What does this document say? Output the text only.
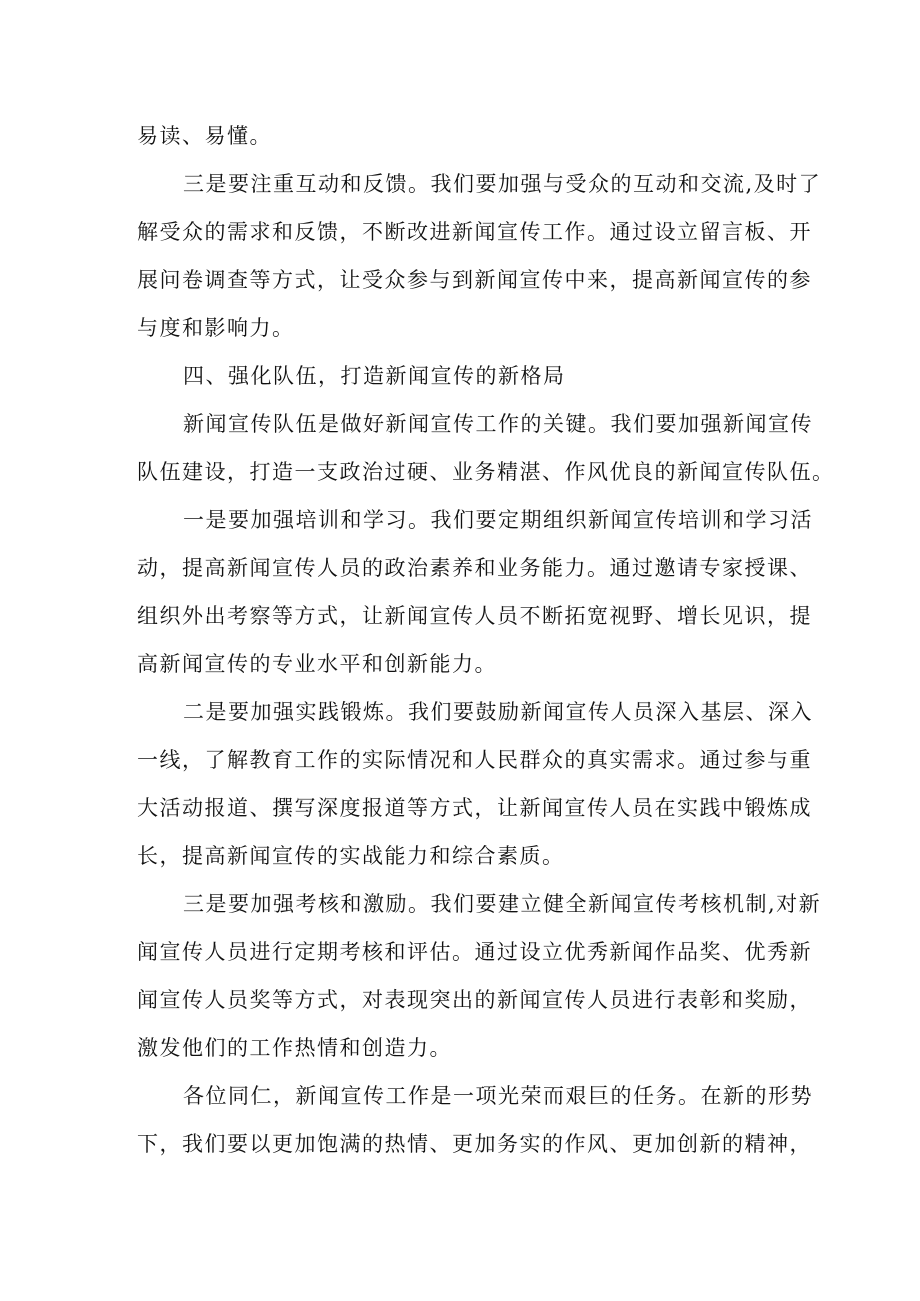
易读、易懂。
三是要注重互动和反馈。我们要加强与受众的互动和交流,及时了
解受众的需求和反馈，不断改进新闻宣传工作。通过设立留言板、开
展问卷调查等方式，让受众参与到新闻宣传中来，提高新闻宣传的参
与度和影响力。
四、强化队伍，打造新闻宣传的新格局
新闻宣传队伍是做好新闻宣传工作的关键。我们要加强新闻宣传
队伍建设，打造一支政治过硬、业务精湛、作风优良的新闻宣传队伍。
一是要加强培训和学习。我们要定期组织新闻宣传培训和学习活
动，提高新闻宣传人员的政治素养和业务能力。通过邀请专家授课、
组织外出考察等方式，让新闻宣传人员不断拓宽视野、增长见识，提
高新闻宣传的专业水平和创新能力。
二是要加强实践锻炼。我们要鼓励新闻宣传人员深入基层、深入
一线，了解教育工作的实际情况和人民群众的真实需求。通过参与重
大活动报道、撰写深度报道等方式，让新闻宣传人员在实践中锻炼成
长，提高新闻宣传的实战能力和综合素质。
三是要加强考核和激励。我们要建立健全新闻宣传考核机制,对新
闻宣传人员进行定期考核和评估。通过设立优秀新闻作品奖、优秀新
闻宣传人员奖等方式，对表现突出的新闻宣传人员进行表彰和奖励，
激发他们的工作热情和创造力。
各位同仁，新闻宣传工作是一项光荣而艰巨的任务。在新的形势
下，我们要以更加饱满的热情、更加务实的作风、更加创新的精神，
